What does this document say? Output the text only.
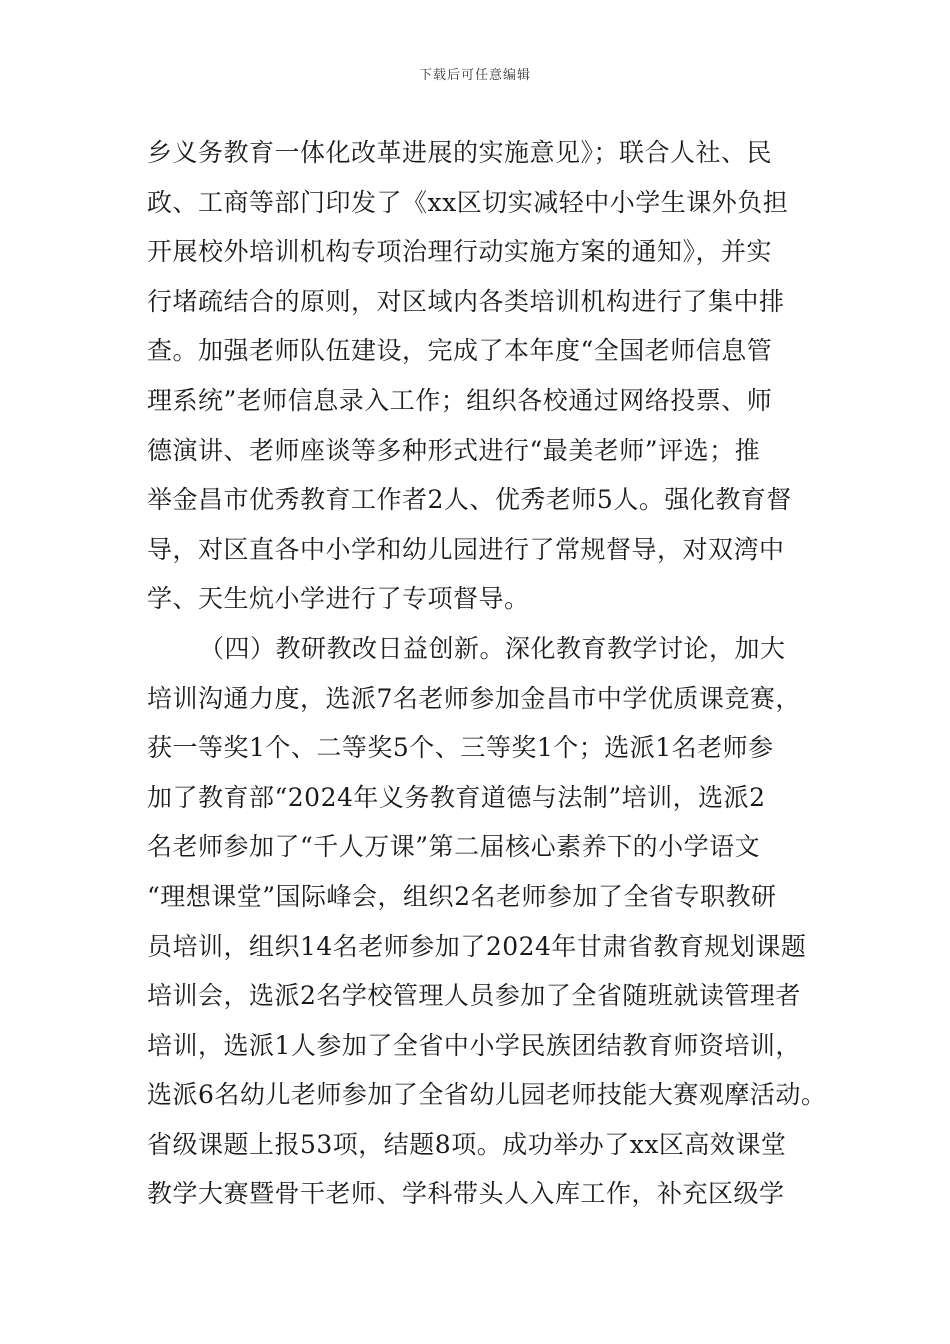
下载后可任意编辑
乡义务教育一体化改革进展的实施意见》；联合人社、民
政、工商等部门印发了《xx区切实减轻中小学生课外负担
开展校外培训机构专项治理行动实施方案的通知》，并实
行堵疏结合的原则，对区域内各类培训机构进行了集中排
查。加强老师队伍建设，完成了本年度“全国老师信息管
理系统”老师信息录入工作；组织各校通过网络投票、师
德演讲、老师座谈等多种形式进行“最美老师”评选；推
举金昌市优秀教育工作者2人、优秀老师5人。强化教育督
导，对区直各中小学和幼儿园进行了常规督导，对双湾中
学、天生炕小学进行了专项督导。
（四）教研教改日益创新。深化教育教学讨论，加大
培训沟通力度，选派7名老师参加金昌市中学优质课竞赛，
获一等奖1个、二等奖5个、三等奖1个；选派1名老师参
加了教育部“2024年义务教育道德与法制”培训，选派2
名老师参加了“千人万课”第二届核心素养下的小学语文
“理想课堂”国际峰会，组织2名老师参加了全省专职教研
员培训，组织14名老师参加了2024年甘肃省教育规划课题
培训会，选派2名学校管理人员参加了全省随班就读管理者
培训，选派1人参加了全省中小学民族团结教育师资培训，
选派6名幼儿老师参加了全省幼儿园老师技能大赛观摩活动。
省级课题上报53项，结题8项。成功举办了xx区高效课堂
教学大赛暨骨干老师、学科带头人入库工作，补充区级学
